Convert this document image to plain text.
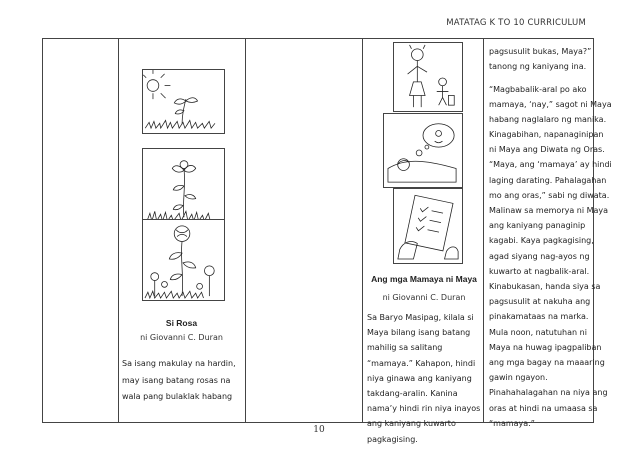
MATATAG K TO 10 CURRICULUM
Si Rosa
ni Giovanni C. Duran
Sa isang makulay na hardin,
may isang batang rosas na
wala pang bulaklak habang
Ang mga Mamaya ni Maya
ni Giovanni C. Duran
Sa Baryo Masipag, kilala si
Maya bilang isang batang
mahilig sa salitang
“mamaya.” Kahapon, hindi
niya ginawa ang kaniyang
takdang-aralin. Kanina
nama’y hindi rin niya inayos
ang kaniyang kuwarto
pagkagising.
pagsusulit bukas, Maya?”
tanong ng kaniyang ina.
“Magbabalik-aral po ako
mamaya, ‘nay,” sagot ni Maya
habang naglalaro ng manika.
Kinagabihan, napanaginipan
ni Maya ang Diwata ng Oras.
“Maya, ang ‘mamaya’ ay hindi
laging darating. Pahalagahan
mo ang oras,” sabi ng diwata.
Malinaw sa memorya ni Maya
ang kaniyang panaginip
kagabi. Kaya pagkagising,
agad siyang nag-ayos ng
kuwarto at nagbalik-aral.
Kinabukasan, handa siya sa
pagsusulit at nakuha ang
pinakamataas na marka.
Mula noon, natutuhan ni
Maya na huwag ipagpaliban
ang mga bagay na maaaring
gawin ngayon.
Pinahahalagahan na niya ang
oras at hindi na umaasa sa
“mamaya.”
10
